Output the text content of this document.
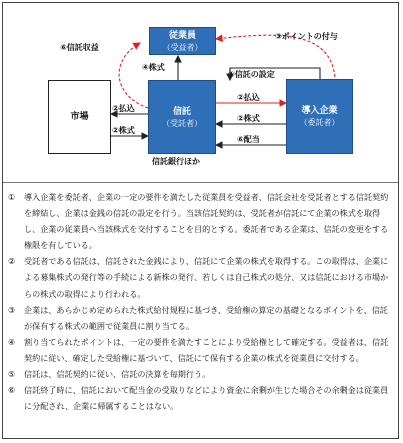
従業員
（受益者）
市場
信託
（受託者）
信託銀行ほか
導入企業
（委託者）
①信託の設定
②払込
②株式
②払込
②株式
⑥配当
③ポイントの付与
④株式
⑥信託収益
①	導入企業を委託者、企業の一定の要件を満たした従業員を受益者、信託会社を受託者とする信託契約を締結し、企業は金銭の信託の設定を行う。当該信託契約は、受託者が信託にて企業の株式を取得し、企業の従業員へ当該株式を交付することを目的とする。委託者である企業は、信託の変更をする権限を有している。
②	受託者である信託は、信託された金銭により、信託にて企業の株式を取得する。この取得は、企業による募集株式の発行等の手続による新株の発行、若しくは自己株式の処分、又は信託における市場からの株式の取得により行われる。
③	企業は、あらかじめ定められた株式給付規程に基づき、受給権の算定の基礎となるポイントを、信託が保有する株式の範囲で従業員に割り当てる。
④	割り当てられたポイントは、一定の要件を満たすことにより受給権として確定する。受益者は、信託契約に従い、確定した受給権に基づいて、信託にて保有する企業の株式を従業員に交付する。
⑤	信託は、信託契約に従い、信託の決算を毎期行う。
⑥	信託終了時に、信託において配当金の受取りなどにより資金に余剰が生じた場合その余剰金は従業員に分配され、企業に帰属することはない。
